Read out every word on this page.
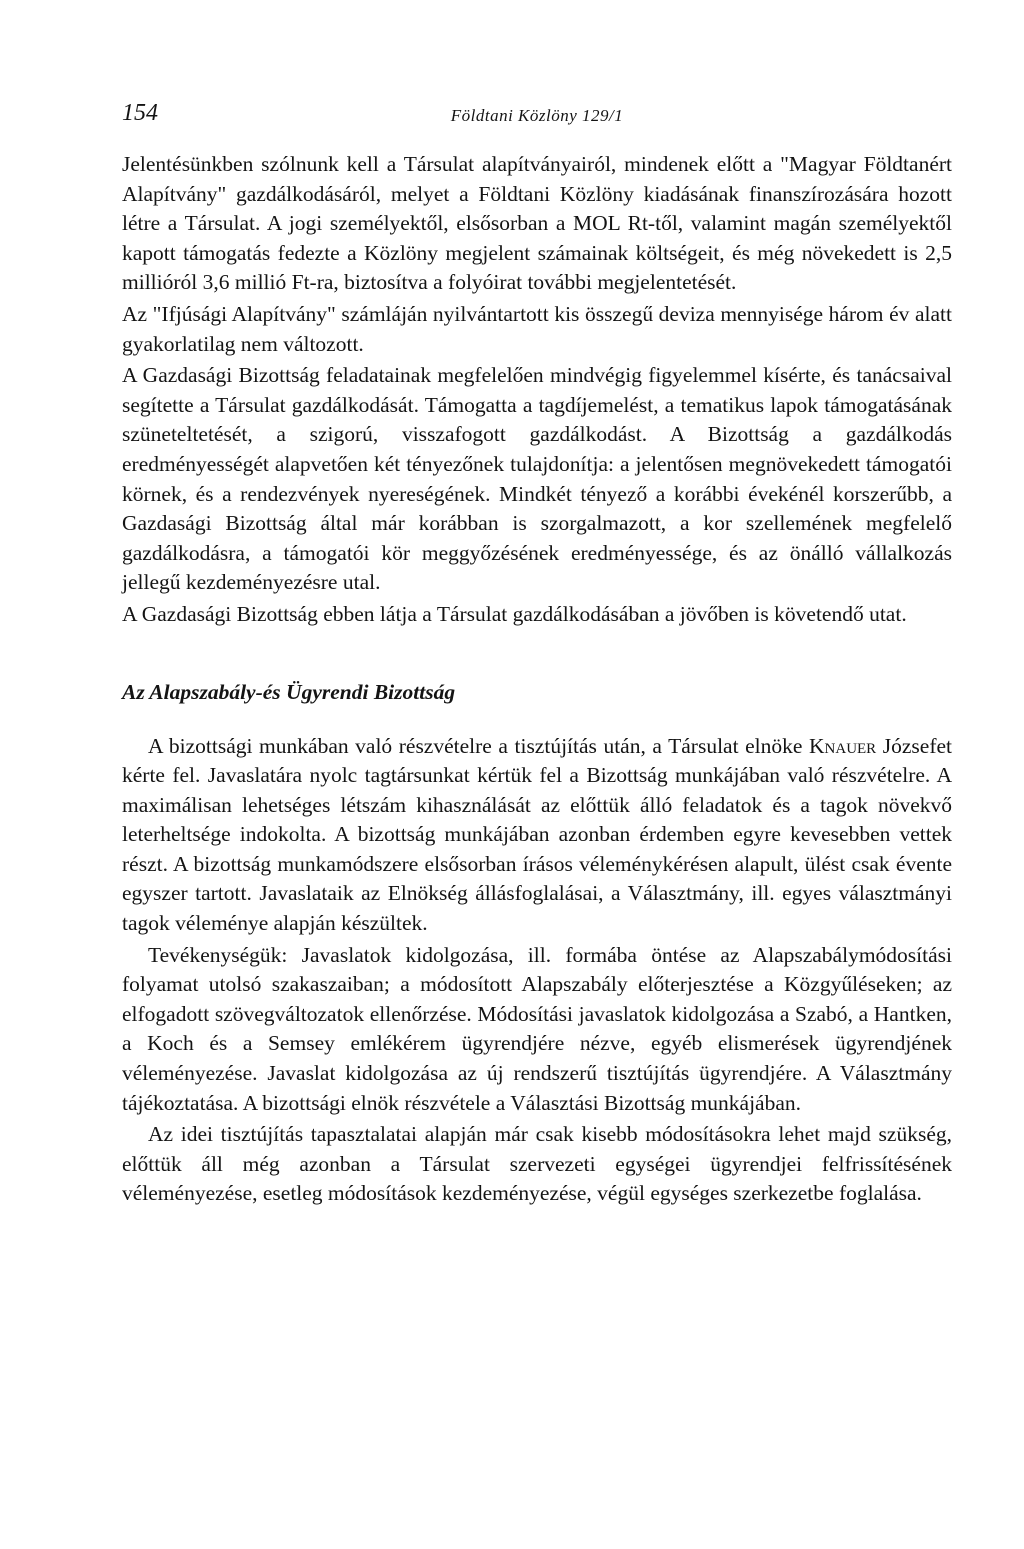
154	Földtani Közlöny 129/1

Jelentésünkben szólnunk kell a Társulat alapítványairól, mindenek előtt a "Magyar Földtanért Alapítvány" gazdálkodásáról, melyet a Földtani Közlöny kiadásának finanszírozására hozott létre a Társulat. A jogi személyektől, elsősorban a MOL Rt-től, valamint magán személyektől kapott támogatás fedezte a Közlöny megjelent számainak költségeit, és még növekedett is 2,5 millióról 3,6 millió Ft-ra, biztosítva a folyóirat további megjelentetését.

Az "Ifjúsági Alapítvány" számláján nyilvántartott kis összegű deviza mennyisége három év alatt gyakorlatilag nem változott.

A Gazdasági Bizottság feladatainak megfelelően mindvégig figyelemmel kísérte, és tanácsaival segítette a Társulat gazdálkodását. Támogatta a tagdíjemelést, a tematikus lapok támogatásának szüneteltetését, a szigorú, visszafogott gazdálkodást. A Bizottság a gazdálkodás eredményességét alapvetően két tényezőnek tulajdonítja: a jelentősen megnövekedett támogatói körnek, és a rendezvények nyereségének. Mindkét tényező a korábbi évekénél korszerűbb, a Gazdasági Bizottság által már korábban is szorgalmazott, a kor szellemének megfelelő gazdálkodásra, a támogatói kör meggyőzésének eredményessége, és az önálló vállalkozás jellegű kezdeményezésre utal.

A Gazdasági Bizottság ebben látja a Társulat gazdálkodásában a jövőben is követendő utat.

Az Alapszabály-és Ügyrendi Bizottság

A bizottsági munkában való részvételre a tisztújítás után, a Társulat elnöke Knauer Józsefet kérte fel. Javaslatára nyolc tagtársunkat kértük fel a Bizottság munkájában való részvételre. A maximálisan lehetséges létszám kihasználását az előttük álló feladatok és a tagok növekvő leterheltsége indokolta. A bizottság munkájában azonban érdemben egyre kevesebben vettek részt. A bizottság munkamódszere elsősorban írásos véleménykérésen alapult, ülést csak évente egyszer tartott. Javaslataik az Elnökség állásfoglalásai, a Választmány, ill. egyes választmányi tagok véleménye alapján készültek.

Tevékenységük: Javaslatok kidolgozása, ill. formába öntése az Alapszabálymódosítási folyamat utolsó szakaszaiban; a módosított Alapszabály előterjesztése a Közgyűléseken; az elfogadott szövegváltozatok ellenőrzése. Módosítási javaslatok kidolgozása a Szabó, a Hantken, a Koch és a Semsey emlékérem ügyrendjére nézve, egyéb elismerések ügyrendjének véleményezése. Javaslat kidolgozása az új rendszerű tisztújítás ügyrendjére. A Választmány tájékoztatása. A bizottsági elnök részvétele a Választási Bizottság munkájában.

Az idei tisztújítás tapasztalatai alapján már csak kisebb módosításokra lehet majd szükség, előttük áll még azonban a Társulat szervezeti egységei ügyrendjei felfrissítésének véleményezése, esetleg módosítások kezdeményezése, végül egységes szerkezetbe foglalása.
